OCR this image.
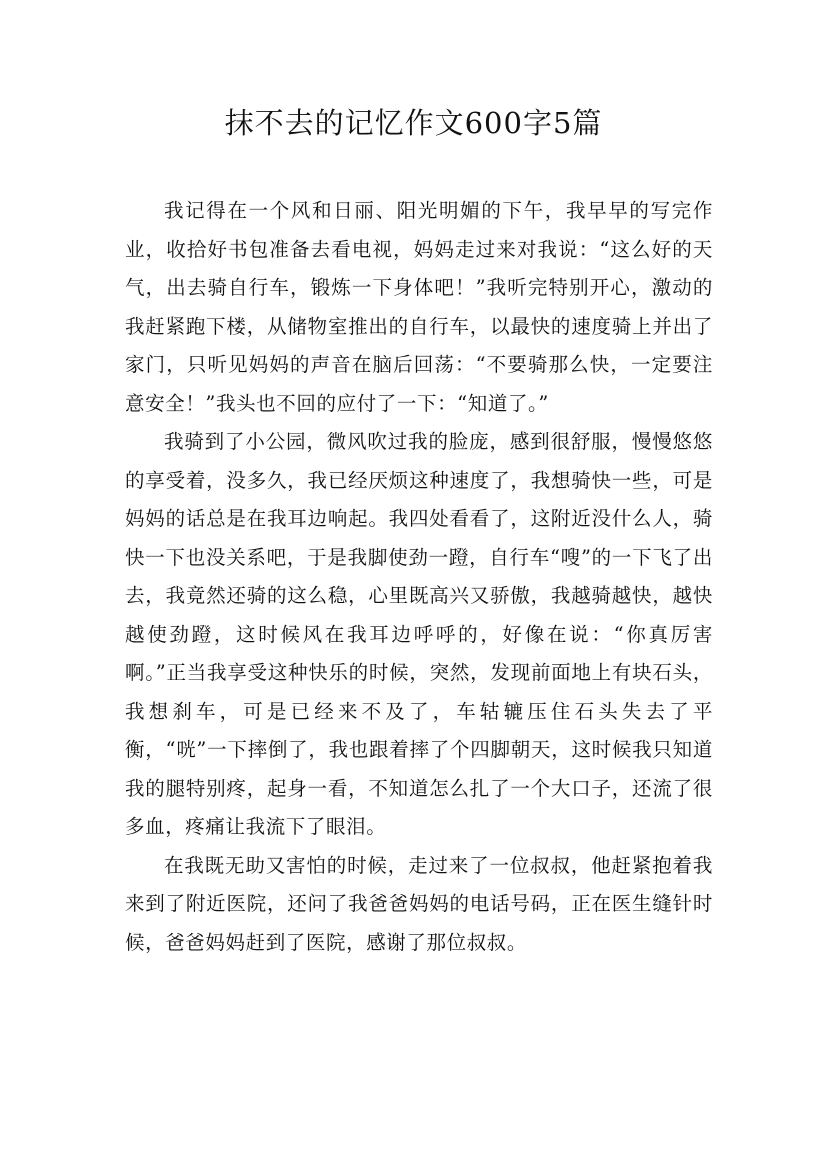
抹不去的记忆作文600字5篇

我记得在一个风和日丽、阳光明媚的下午，我早早的写完作业，收拾好书包准备去看电视，妈妈走过来对我说：“这么好的天气，出去骑自行车，锻炼一下身体吧！”我听完特别开心，激动的我赶紧跑下楼，从储物室推出的自行车，以最快的速度骑上并出了家门，只听见妈妈的声音在脑后回荡：“不要骑那么快，一定要注意安全！”我头也不回的应付了一下：“知道了。”

我骑到了小公园，微风吹过我的脸庞，感到很舒服，慢慢悠悠的享受着，没多久，我已经厌烦这种速度了，我想骑快一些，可是妈妈的话总是在我耳边响起。我四处看看了，这附近没什么人，骑快一下也没关系吧，于是我脚使劲一蹬，自行车“嗖”的一下飞了出去，我竟然还骑的这么稳，心里既高兴又骄傲，我越骑越快，越快越使劲蹬，这时候风在我耳边呼呼的，好像在说：“你真厉害啊。”正当我享受这种快乐的时候，突然，发现前面地上有块石头，我想刹车，可是已经来不及了，车轱辘压住石头失去了平衡，“咣”一下摔倒了，我也跟着摔了个四脚朝天，这时候我只知道我的腿特别疼，起身一看，不知道怎么扎了一个大口子，还流了很多血，疼痛让我流下了眼泪。

在我既无助又害怕的时候，走过来了一位叔叔，他赶紧抱着我来到了附近医院，还问了我爸爸妈妈的电话号码，正在医生缝针时候，爸爸妈妈赶到了医院，感谢了那位叔叔。
